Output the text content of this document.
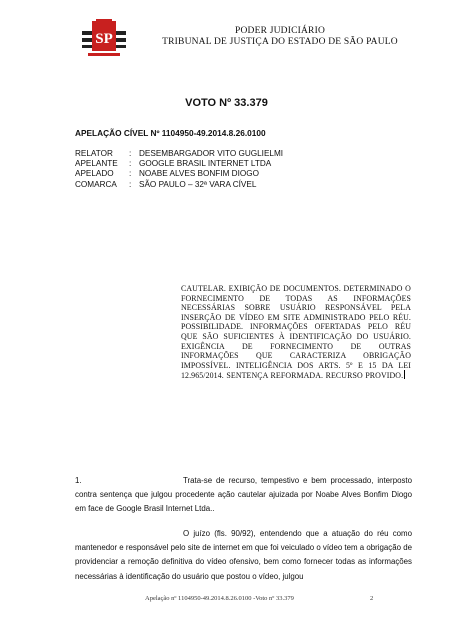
SP	PODER JUDICIÁRIO
TRIBUNAL DE JUSTIÇA DO ESTADO DE SÃO PAULO
VOTO Nº 33.379
APELAÇÃO CÍVEL Nº 1104950-49.2014.8.26.0100
RELATOR	: DESEMBARGADOR VITO GUGLIELMI
APELANTE	: GOOGLE BRASIL INTERNET LTDA
APELADO	: NOABE ALVES BONFIM DIOGO
COMARCA	: SÃO PAULO – 32ª VARA CÍVEL
CAUTELAR. EXIBIÇÃO DE DOCUMENTOS. DETERMINADO O FORNECIMENTO DE TODAS AS INFORMAÇÕES NECESSÁRIAS SOBRE USUÁRIO RESPONSÁVEL PELA INSERÇÃO DE VÍDEO EM SITE ADMINISTRADO PELO RÉU. POSSIBILIDADE. INFORMAÇÕES OFERTADAS PELO RÉU QUE SÃO SUFICIENTES À IDENTIFICAÇÃO DO USUÁRIO. EXIGÊNCIA DE FORNECIMENTO DE OUTRAS INFORMAÇÕES QUE CARACTERIZA OBRIGAÇÃO IMPOSSÍVEL. INTELIGÊNCIA DOS ARTS. 5º E 15 DA LEI 12.965/2014. SENTENÇA REFORMADA. RECURSO PROVIDO.
1.	Trata-se de recurso, tempestivo e bem processado, interposto contra sentença que julgou procedente ação cautelar ajuizada por Noabe Alves Bonfim Diogo em face de Google Brasil Internet Ltda..
O juízo (fls. 90/92), entendendo que a atuação do réu como mantenedor e responsável pelo site de internet em que foi veiculado o vídeo tem a obrigação de providenciar a remoção definitiva do vídeo ofensivo, bem como fornecer todas as informações necessárias à identificação do usuário que postou o vídeo, julgou
Apelação nº 1104950-49.2014.8.26.0100 -Voto nº 33.379	2
